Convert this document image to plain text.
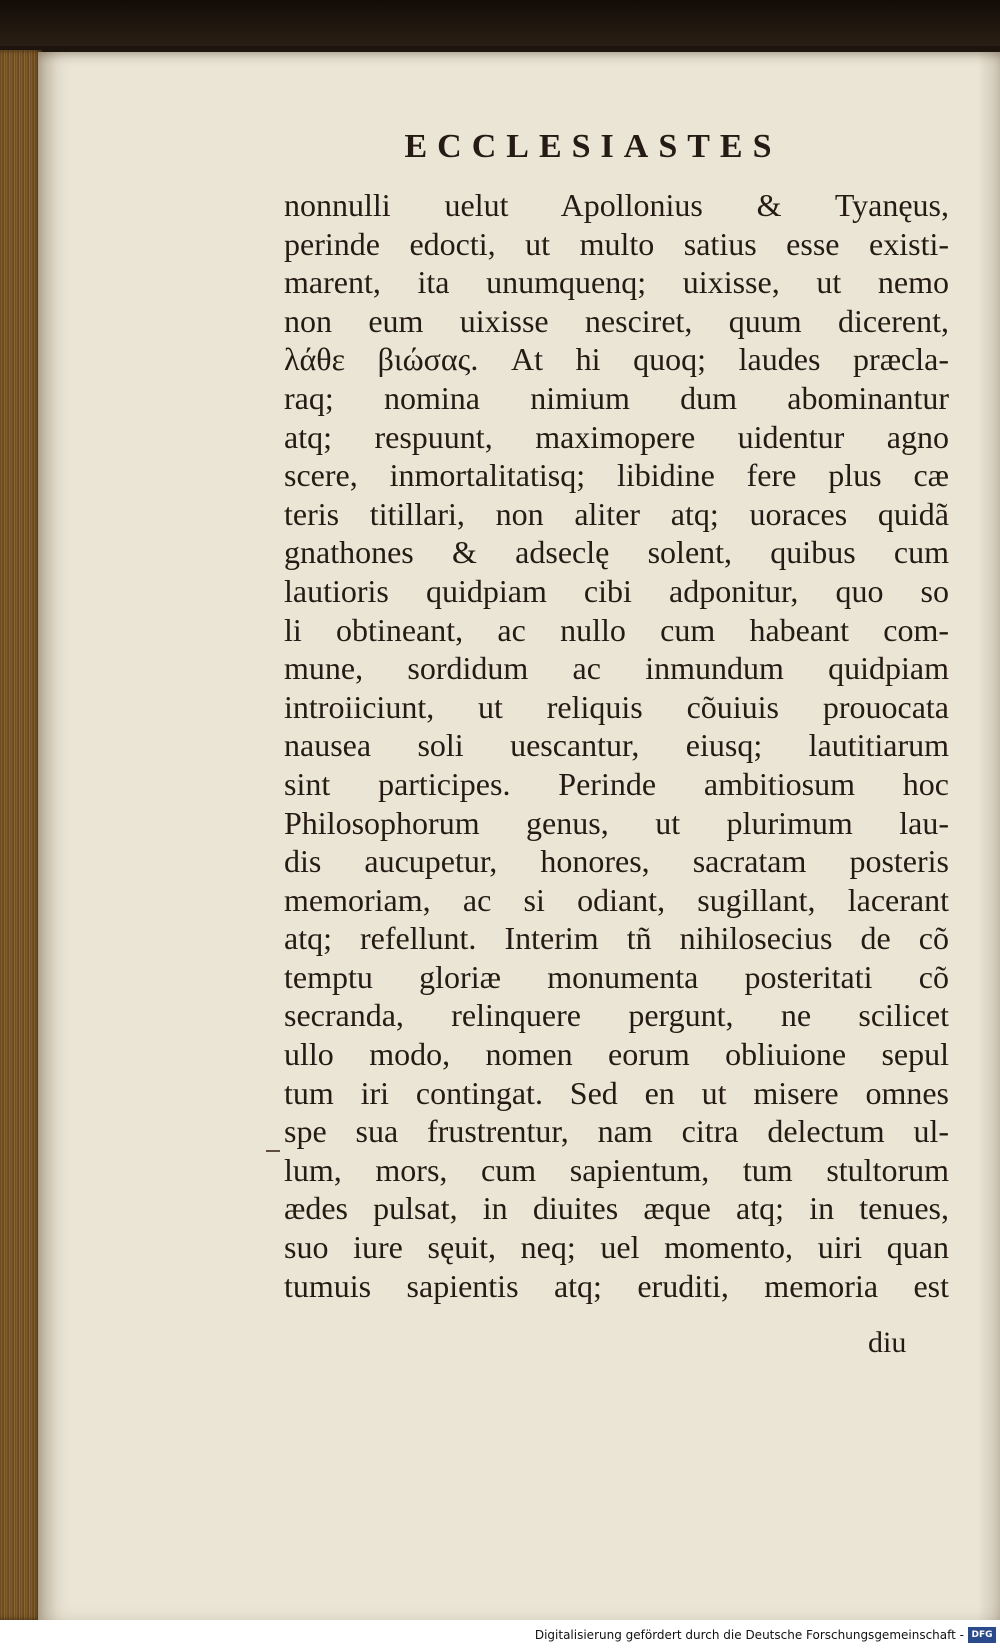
ECCLESIASTES
nonnulli uelut Apollonius & Tyanęus,
perinde edocti, ut multo satius esse existi-
marent, ita unumquenq; uixisse, ut nemo
non eum uixisse nesciret, quum dicerent,
λάθε βιώσας. At hi quoq; laudes præcla-
raq; nomina nimium dum abominantur
atq; respuunt, maximopere uidentur agno
scere, inmortalitatisq; libidine fere plus cæ
teris titillari, non aliter atq; uoraces quidã
gnathones & adseclę solent, quibus cum
lautioris quidpiam cibi adponitur, quo so
li obtineant, ac nullo cum habeant com-
mune, sordidum ac inmundum quidpiam
introiiciunt, ut reliquis cõuiuis prouocata
nausea soli uescantur, eiusq; lautitiarum
sint participes. Perinde ambitiosum hoc
Philosophorum genus, ut plurimum lau-
dis aucupetur, honores, sacratam posteris
memoriam, ac si odiant, sugillant, lacerant
atq; refellunt. Interim tñ nihilosecius de cõ
temptu gloriæ monumenta posteritati cõ
secranda, relinquere pergunt, ne scilicet
ullo modo, nomen eorum obliuione sepul
tum iri contingat. Sed en ut misere omnes
spe sua frustrentur, nam citra delectum ul-
lum, mors, cum sapientum, tum stultorum
ædes pulsat, in diuites æque atq; in tenues,
suo iure sęuit, neq; uel momento, uiri quan
tumuis sapientis atq; eruditi, memoria est
diu
Digitalisierung gefördert durch die Deutsche Forschungsgemeinschaft - DFG
